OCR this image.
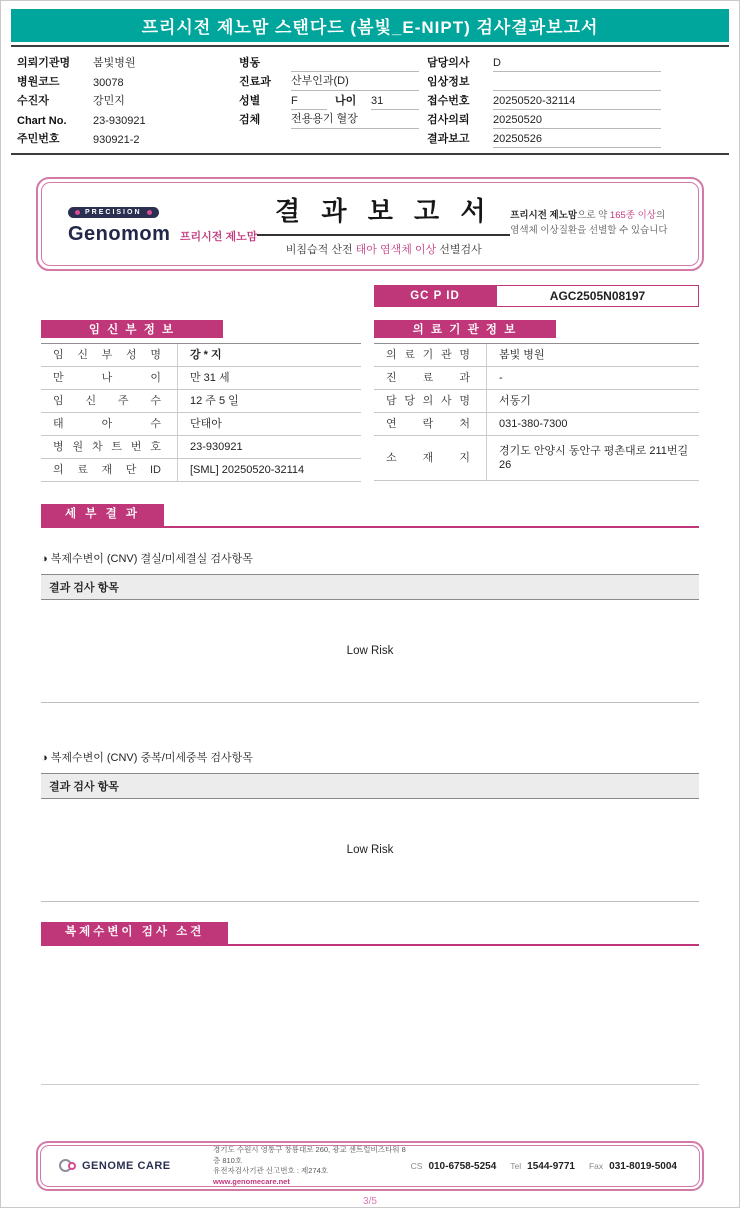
프리시전 제노맘 스탠다드 (봄빛_E-NIPT) 검사결과보고서
의뢰기관명	봄빛병원
병원코드	30078
수진자	강민지
Chart No.	23-930921
주민번호	930921-2
병동
진료과	산부인과(D)
성별	F	나이	31
검체	전용용기 혈장
담당의사	D
임상정보
접수번호	20250520-32114
검사의뢰	20250520
결과보고	20250526
PRECISION
Genomom 프리시전 제노맘
결 과 보 고 서
비침습적 산전 태아 염색체 이상 선별검사
프리시전 제노맘으로 약 165종 이상의
염색체 이상질환을 선별할 수 있습니다
GC P ID	AGC2505N08197
임 신 부 정 보
임 신 부 성 명	강 * 지
만 나 이	만 31 세
임 신 주 수	12 주 5 일
태 아 수	단태아
병 원 차 트 번 호	23-930921
의 료 재 단 ID	[SML] 20250520-32114
의 료 기 관 정 보
의 료 기 관 명	봄빛 병원
진 료 과	-
담 당 의 사 명	서동기
연 락 처	031-380-7300
소 재 지
경기도 안양시 동안구 평촌대로 211번길 26
세 부 결 과
◑ 복제수변이 (CNV) 결실/미세결실 검사항목
결과 검사 항목
Low Risk
◑ 복제수변이 (CNV) 중복/미세중복 검사항목
결과 검사 항목
Low Risk
복제수변이 검사 소견
GENOME CARE
경기도 수원시 영통구 창룡대로 260, 광교 센트럴비즈타워 8층 810호
유전자검사기관 신고번호 : 제274호
www.genomecare.net
CS 010-6758-5254 Tel 1544-9771 Fax 031-8019-5004
3/5
